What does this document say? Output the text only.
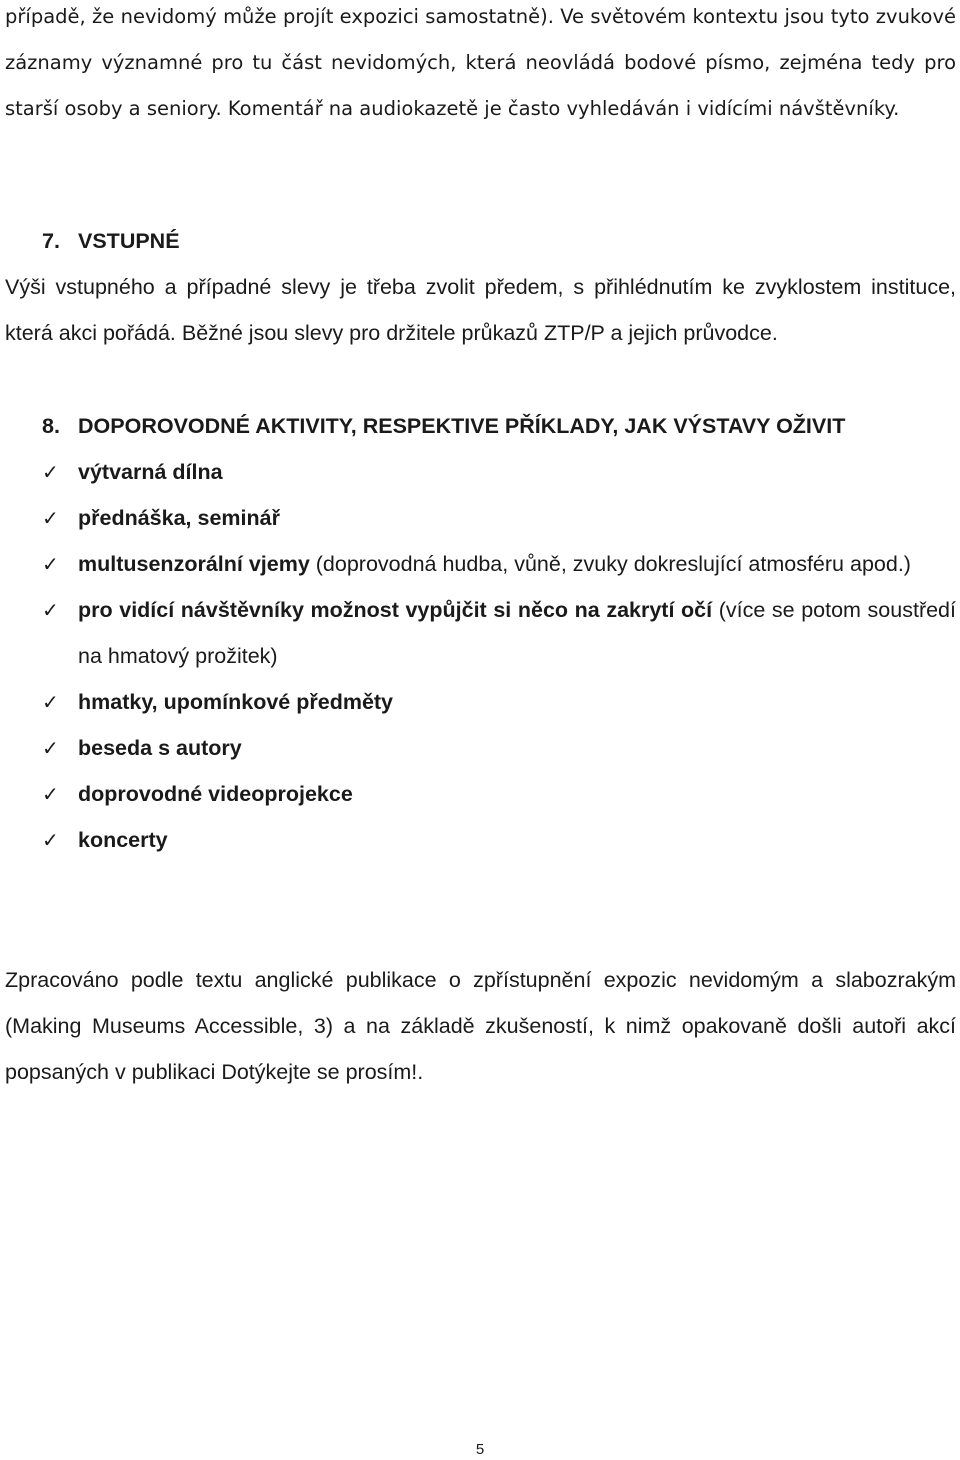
případě, že nevidomý může projít expozici samostatně). Ve světovém kontextu jsou tyto zvukové záznamy významné pro tu část nevidomých, která neovládá bodové písmo, zejména tedy pro starší osoby a seniory. Komentář na audiokazetě je často vyhledáván i vidícími návštěvníky.

7. VSTUPNÉ

Výši vstupného a případné slevy je třeba zvolit předem, s přihlédnutím ke zvyklostem instituce, která akci pořádá. Běžné jsou slevy pro držitele průkazů ZTP/P a jejich průvodce.

8. DOPOROVODNÉ AKTIVITY, RESPEKTIVE PŘÍKLADY, JAK VÝSTAVY OŽIVIT
✓ výtvarná dílna
✓ přednáška, seminář
✓ multusenzorální vjemy (doprovodná hudba, vůně, zvuky dokreslující atmosféru apod.)
✓ pro vidící návštěvníky možnost vypůjčit si něco na zakrytí očí (více se potom soustředí na hmatový prožitek)
✓ hmatky, upomínkové předměty
✓ beseda s autory
✓ doprovodné videoprojekce
✓ koncerty

Zpracováno podle textu anglické publikace o zpřístupnění expozic nevidomým a slabozrakým (Making Museums Accessible, 3) a na základě zkušeností, k nimž opakovaně došli autoři akcí popsaných v publikaci Dotýkejte se prosím!.

5
